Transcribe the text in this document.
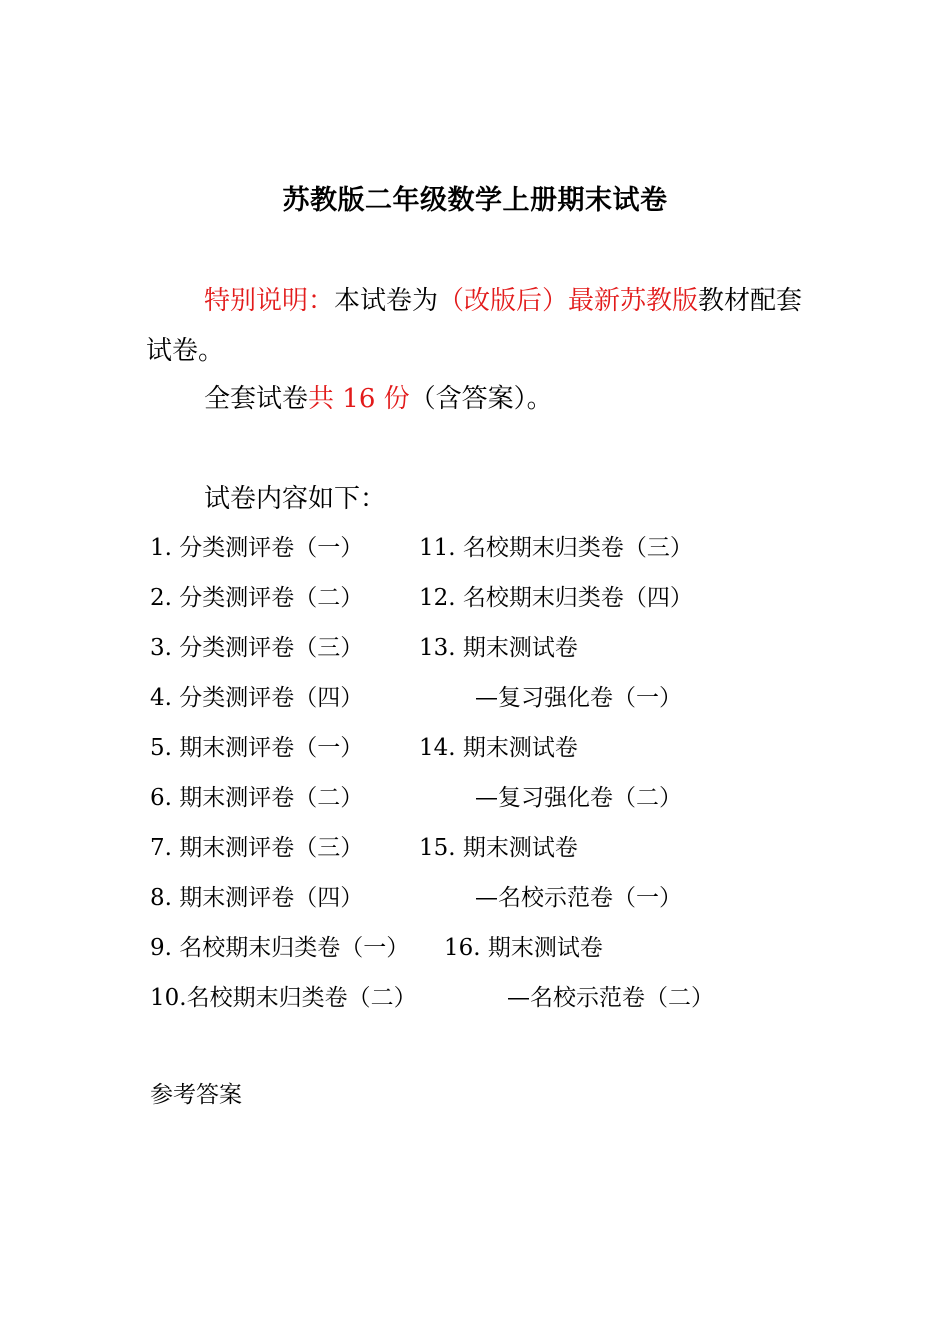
苏教版二年级数学上册期末试卷
特别说明：本试卷为（改版后）最新苏教版教材配套试卷。
全套试卷共 16 份（含答案）。
试卷内容如下：
1. 分类测评卷（一）
2. 分类测评卷（二）
3. 分类测评卷（三）
4. 分类测评卷（四）
5. 期末测评卷（一）
6. 期末测评卷（二）
7. 期末测评卷（三）
8. 期末测评卷（四）
9. 名校期末归类卷（一）
10.名校期末归类卷（二）
11. 名校期末归类卷（三）
12. 名校期末归类卷（四）
13. 期末测试卷
—复习强化卷（一）
14. 期末测试卷
—复习强化卷（二）
15. 期末测试卷
—名校示范卷（一）
16. 期末测试卷
—名校示范卷（二）
参考答案
